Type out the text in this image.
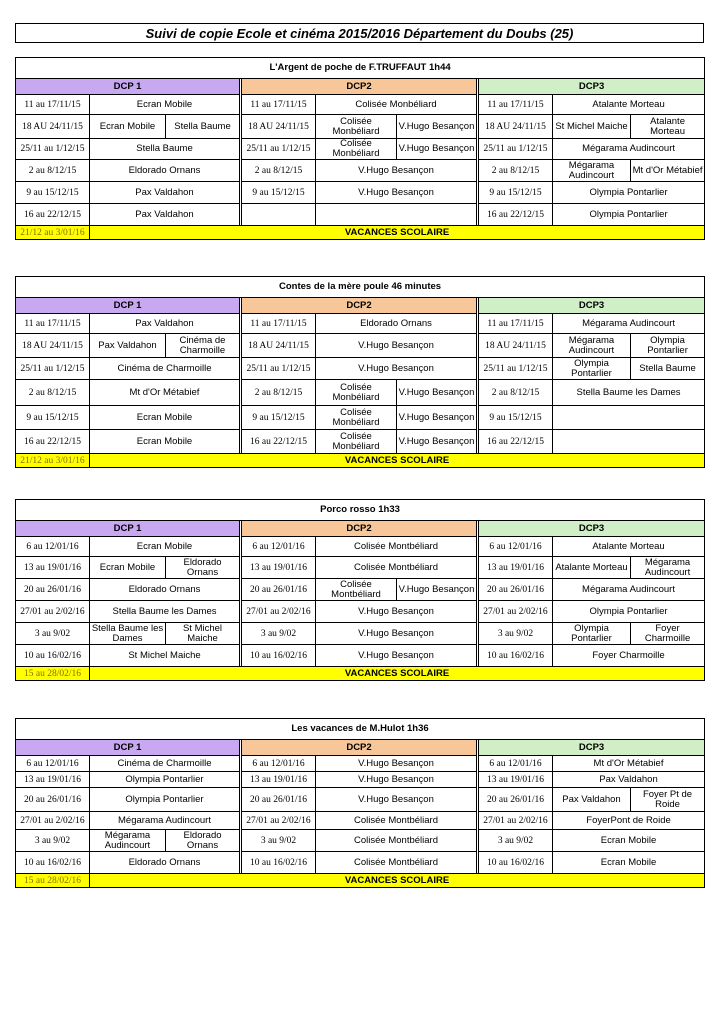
Suivi de copie Ecole et cinéma 2015/2016 Département du Doubs (25)
L'Argent de poche de F.TRUFFAUT 1h44										
DCP 1				DCP2				DCP3		
11 au 17/11/15	Ecran Mobile			11 au 17/11/15	Colisée Monbéliard			11 au 17/11/15	Atalante Morteau	
18 AU 24/11/15	Ecran Mobile	Stella Baume		18 AU 24/11/15	Colisée Monbéliard	V.Hugo Besançon		18 AU 24/11/15	St Michel Maiche	Atalante Morteau
25/11 au 1/12/15	Stella Baume			25/11 au 1/12/15	Colisée Monbéliard	V.Hugo Besançon		25/11 au 1/12/15	Mégarama Audincourt	
2 au 8/12/15	Eldorado Ornans			2 au 8/12/15	V.Hugo Besançon			2 au 8/12/15	Mégarama Audincourt	Mt d'Or Métabief
9 au 15/12/15	Pax Valdahon			9 au 15/12/15	V.Hugo Besançon			9 au 15/12/15	Olympia Pontarlier	
16 au 22/12/15	Pax Valdahon							16 au 22/12/15	Olympia Pontarlier	
21/12 au 3/01/16	VACANCES SCOLAIRE									
Contes de la mère poule 46 minutes										
DCP 1				DCP2				DCP3		
11 au 17/11/15	Pax Valdahon			11 au 17/11/15	Eldorado Ornans			11 au 17/11/15	Mégarama Audincourt	
18 AU 24/11/15	Pax Valdahon	Cinéma de Charmoille		18 AU 24/11/15	V.Hugo Besançon			18 AU 24/11/15	Mégarama Audincourt	Olympia Pontarlier
25/11 au 1/12/15	Cinéma de Charmoille			25/11 au 1/12/15	V.Hugo Besançon			25/11 au 1/12/15	Olympia Pontarlier	Stella Baume
2 au 8/12/15	Mt d'Or Métabief			2 au 8/12/15	Colisée Monbéliard	V.Hugo Besançon		2 au 8/12/15	Stella Baume les Dames	
9 au 15/12/15	Ecran Mobile			9 au 15/12/15	Colisée Monbéliard	V.Hugo Besançon		9 au 15/12/15		
16 au 22/12/15	Ecran Mobile			16 au 22/12/15	Colisée Monbéliard	V.Hugo Besançon		16 au 22/12/15		
21/12 au 3/01/16	VACANCES SCOLAIRE									
Porco rosso 1h33										
DCP 1				DCP2				DCP3		
6 au 12/01/16	Ecran Mobile			6 au 12/01/16	Colisée Montbéliard			6 au 12/01/16	Atalante Morteau	
13 au 19/01/16	Ecran Mobile	Eldorado Ornans		13 au 19/01/16	Colisée Montbéliard			13 au 19/01/16	Atalante Morteau	Mégarama Audincourt
20 au 26/01/16	Eldorado Ornans			20 au 26/01/16	Colisée Montbéliard	V.Hugo Besançon		20 au 26/01/16	Mégarama Audincourt	
27/01 au 2/02/16	Stella Baume les Dames			27/01 au 2/02/16	V.Hugo Besançon			27/01 au 2/02/16	Olympia Pontarlier	
3 au 9/02	Stella Baume les Dames	St Michel Maiche		3 au 9/02	V.Hugo Besançon			3 au 9/02	Olympia Pontarlier	Foyer Charmoille
10 au 16/02/16	St Michel Maiche			10 au 16/02/16	V.Hugo Besançon			10 au 16/02/16	Foyer Charmoille	
15 au 28/02/16	VACANCES SCOLAIRE									
Les vacances de M.Hulot 1h36									
DCP 1				DCP2			DCP3		
6 au 12/01/16	Cinéma de Charmoille			6 au 12/01/16	V.Hugo Besançon		6 au 12/01/16	Mt d'Or Métabief	
13 au 19/01/16	Olympia Pontarlier			13 au 19/01/16	V.Hugo Besançon		13 au 19/01/16	Pax Valdahon	
20 au 26/01/16	Olympia Pontarlier			20 au 26/01/16	V.Hugo Besançon		20 au 26/01/16	Pax Valdahon	Foyer Pt de Roide
27/01 au 2/02/16	Mégarama Audincourt			27/01 au 2/02/16	Colisée Montbéliard		27/01 au 2/02/16	FoyerPont de Roide	
3 au 9/02	Mégarama Audincourt	Eldorado Ornans		3 au 9/02	Colisée Montbéliard		3 au 9/02	Ecran Mobile	
10 au 16/02/16	Eldorado Ornans			10 au 16/02/16	Colisée Montbéliard		10 au 16/02/16	Ecran Mobile	
15 au 28/02/16	VACANCES SCOLAIRE								
